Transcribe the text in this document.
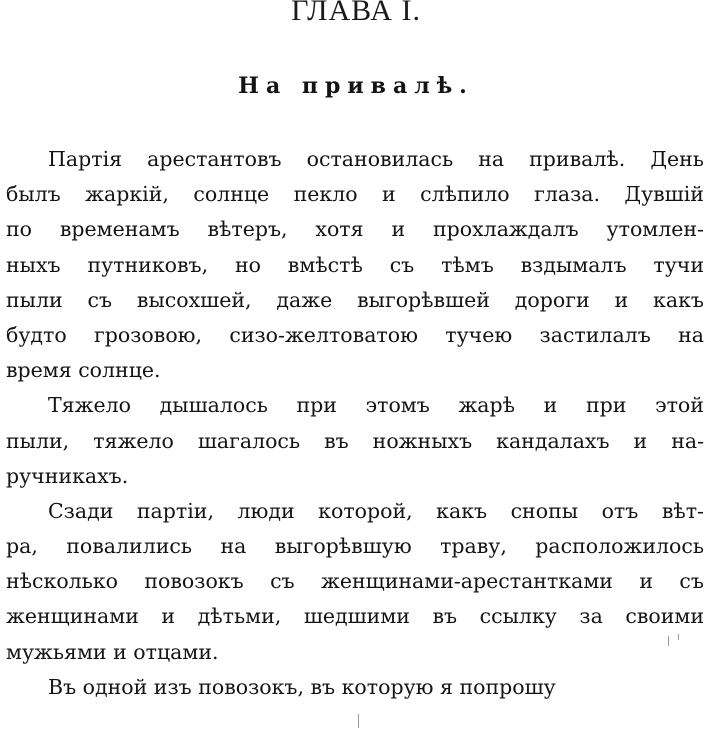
ГЛАВА I.
На привалѣ.
Партія арестантовъ остановилась на привалѣ. День
былъ жаркій, солнце пекло и слѣпило глаза. Дувшій
по временамъ вѣтеръ, хотя и прохлаждалъ утомлен-
ныхъ путниковъ, но вмѣстѣ съ тѣмъ вздымалъ тучи
пыли съ высохшей, даже выгорѣвшей дороги и какъ
будто грозовою, сизо-желтоватою тучею застилалъ на
время солнце.
Тяжело дышалось при этомъ жарѣ и при этой
пыли, тяжело шагалось въ ножныхъ кандалахъ и на-
ручникахъ.
Сзади партіи, люди которой, какъ снопы отъ вѣт-
ра, повалились на выгорѣвшую траву, расположилось
нѣсколько повозокъ съ женщинами-арестантками и съ
женщинами и дѣтьми, шедшими въ ссылку за своими
мужьями и отцами.
Въ одной изъ повозокъ, въ которую я попрошу
